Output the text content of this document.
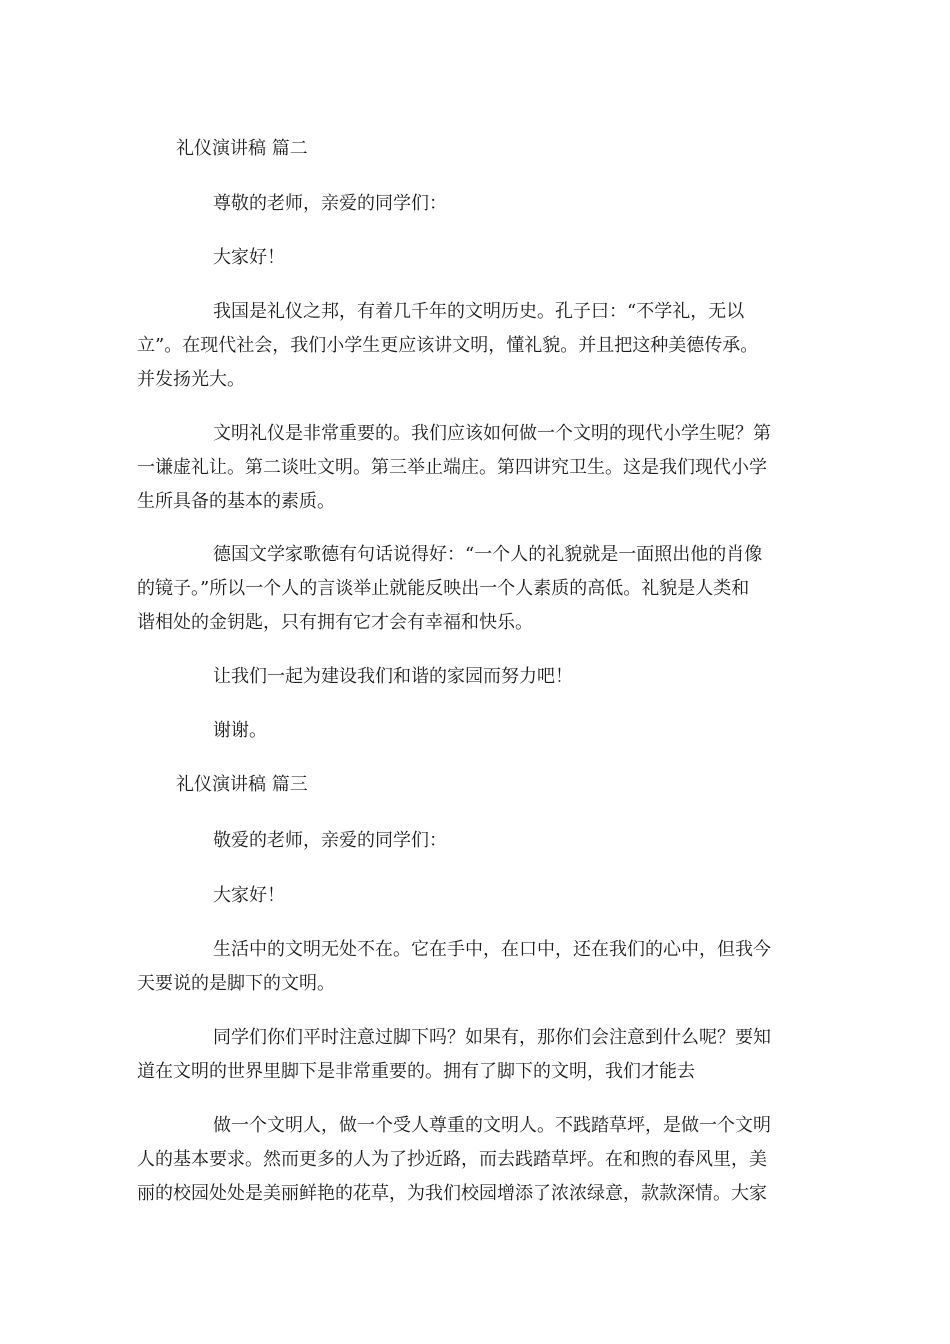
礼仪演讲稿 篇二
尊敬的老师，亲爱的同学们：
大家好！
我国是礼仪之邦，有着几千年的文明历史。孔子曰：“不学礼，无以
立”。在现代社会，我们小学生更应该讲文明，懂礼貌。并且把这种美德传承。
并发扬光大。
文明礼仪是非常重要的。我们应该如何做一个文明的现代小学生呢？第
一谦虚礼让。第二谈吐文明。第三举止端庄。第四讲究卫生。这是我们现代小学
生所具备的基本的素质。
德国文学家歌德有句话说得好：“一个人的礼貌就是一面照出他的肖像
的镜子。”所以一个人的言谈举止就能反映出一个人素质的高低。礼貌是人类和
谐相处的金钥匙，只有拥有它才会有幸福和快乐。
让我们一起为建设我们和谐的家园而努力吧！
谢谢。
礼仪演讲稿 篇三
敬爱的老师，亲爱的同学们：
大家好！
生活中的文明无处不在。它在手中，在口中，还在我们的心中，但我今
天要说的是脚下的文明。
同学们你们平时注意过脚下吗？如果有，那你们会注意到什么呢？要知
道在文明的世界里脚下是非常重要的。拥有了脚下的文明，我们才能去
做一个文明人，做一个受人尊重的文明人。不践踏草坪，是做一个文明
人的基本要求。然而更多的人为了抄近路，而去践踏草坪。在和煦的春风里，美
丽的校园处处是美丽鲜艳的花草，为我们校园增添了浓浓绿意，款款深情。大家
